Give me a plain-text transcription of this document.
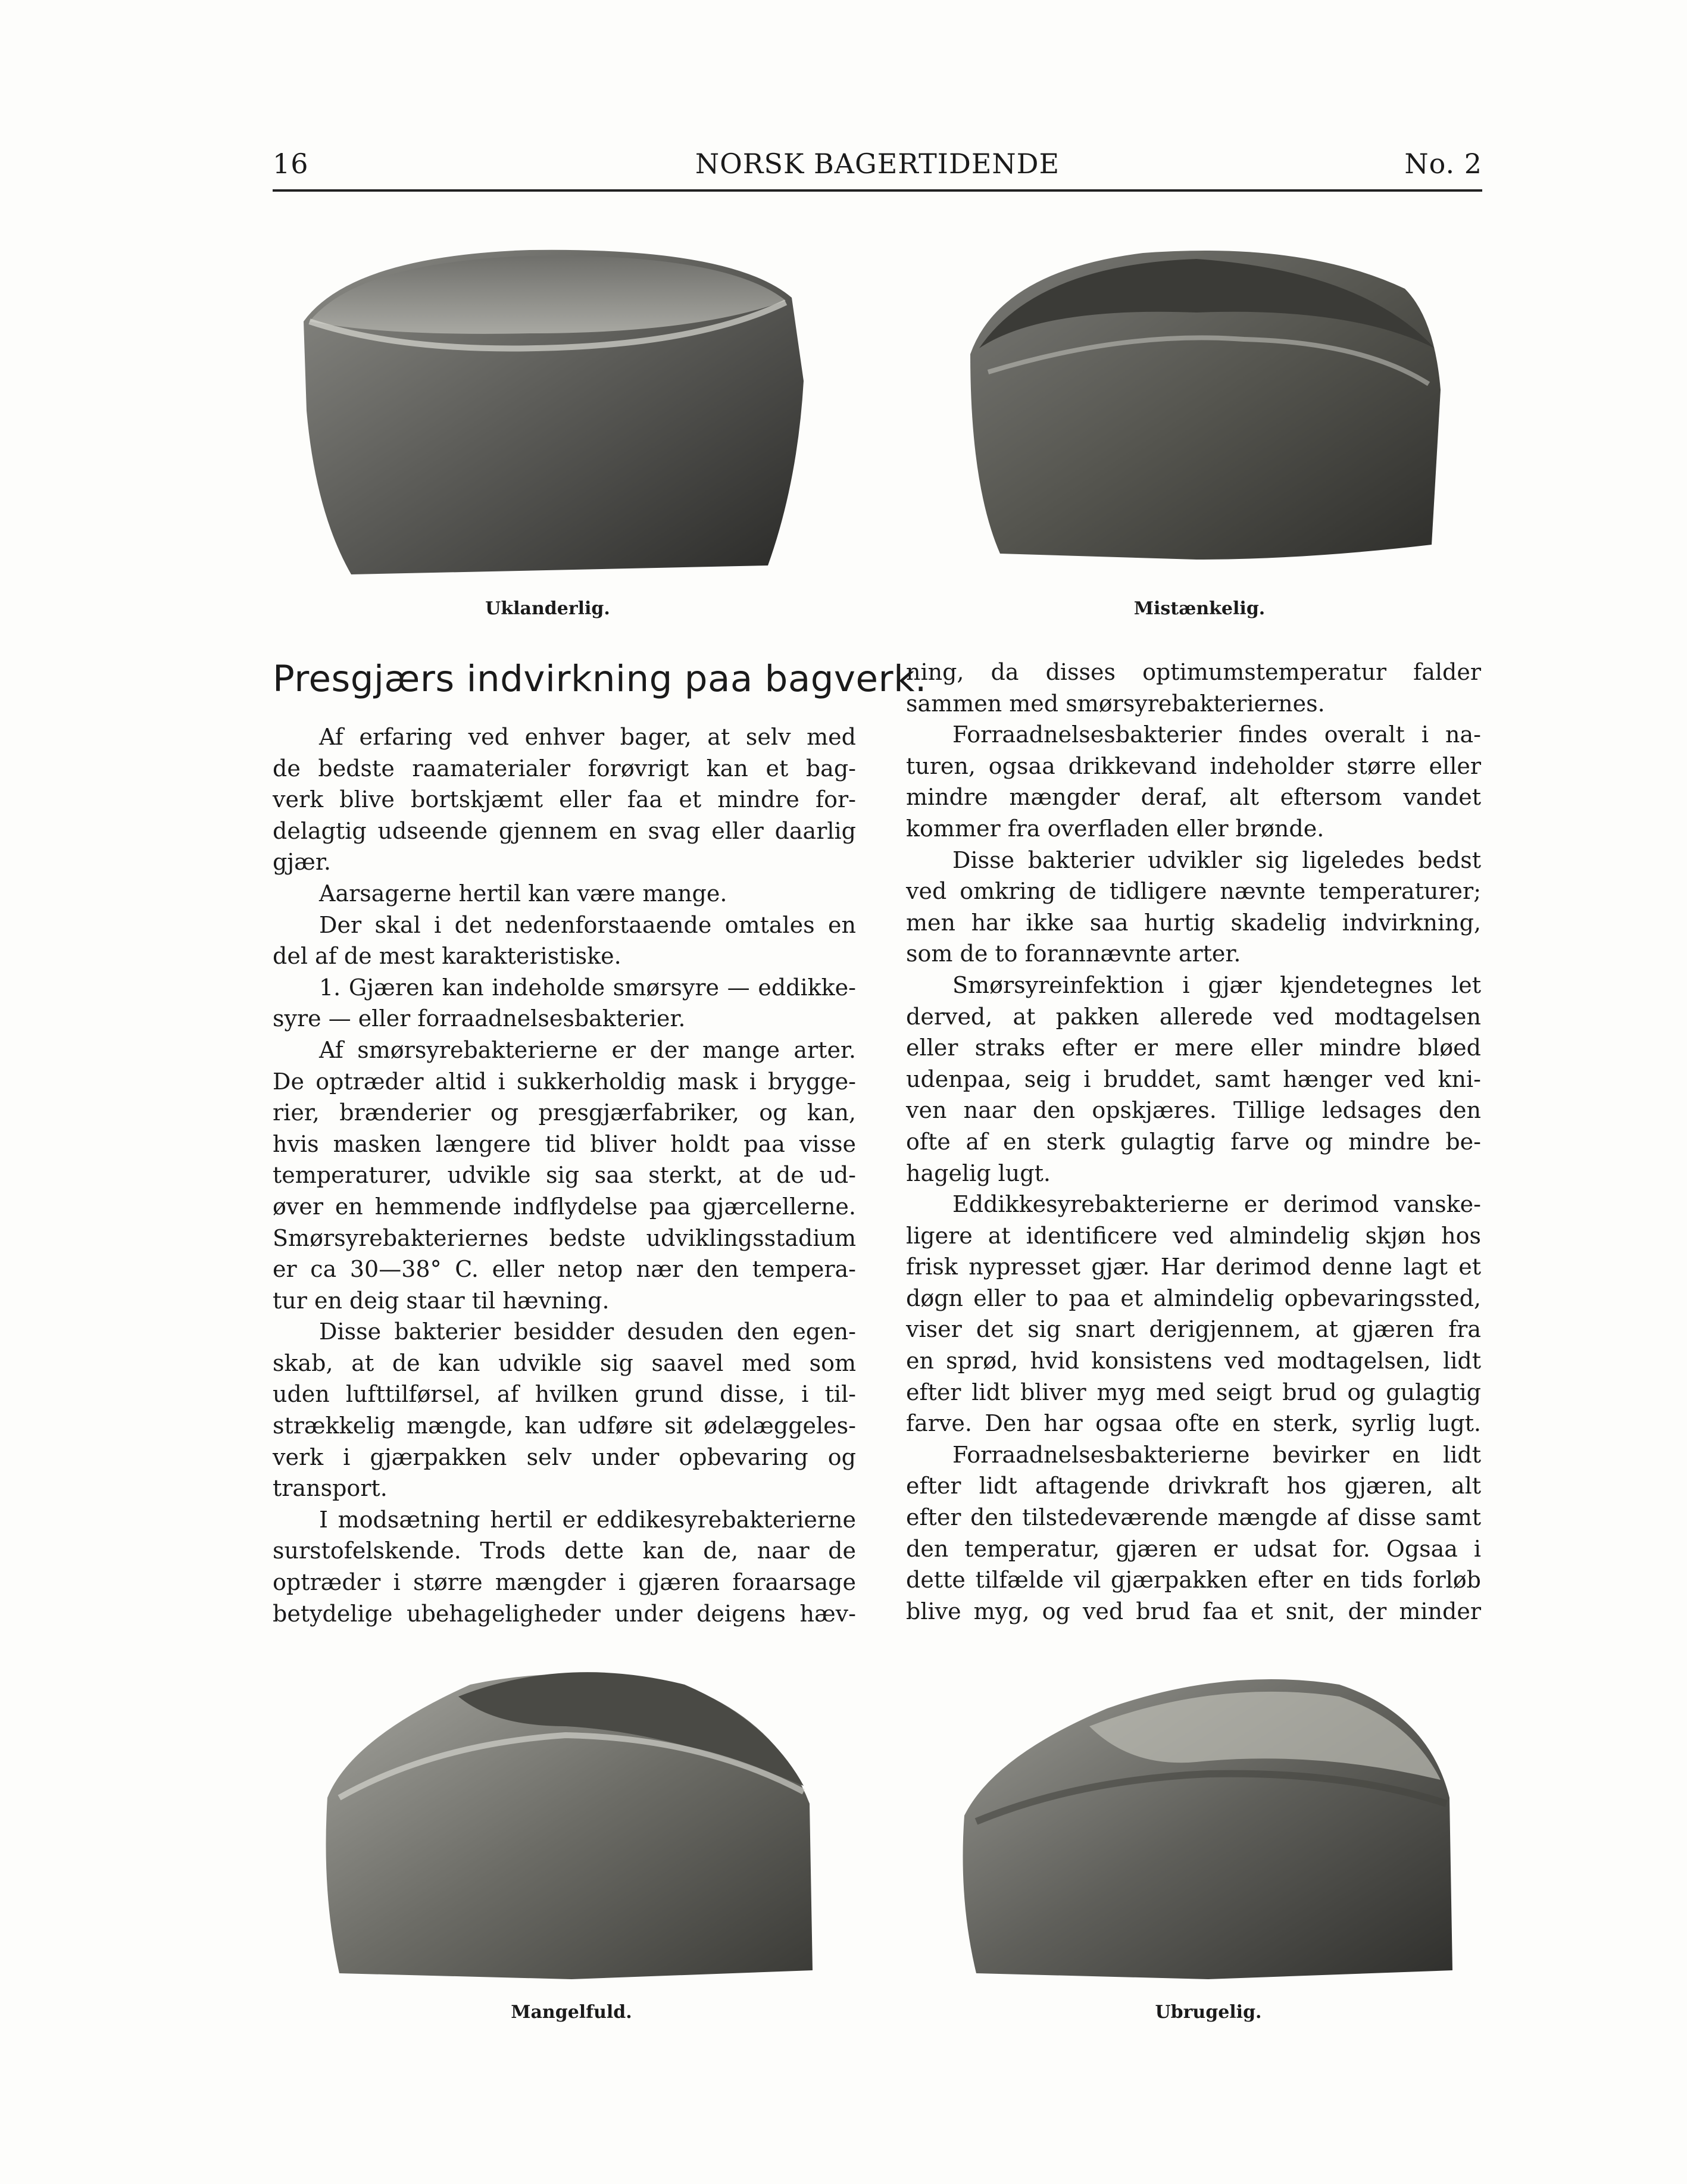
16	NORSK BAGERTIDENDE	No. 2
Uklanderlig.	Mistænkelig.
Presgjærs indvirkning paa bagverk.

Af erfaring ved enhver bager, at selv med

de bedste raamaterialer forøvrigt kan et bag-

verk blive bortskjæmt eller faa et mindre for-

delagtig udseende gjennem en svag eller daarlig

gjær.

Aarsagerne hertil kan være mange.

Der skal i det nedenforstaaende omtales en

del af de mest karakteristiske.

1. Gjæren kan indeholde smørsyre — eddikke-

syre — eller forraadnelsesbakterier.

Af smørsyrebakterierne er der mange arter.

De optræder altid i sukkerholdig mask i brygge-

rier, brænderier og presgjærfabriker, og kan,

hvis masken længere tid bliver holdt paa visse

temperaturer, udvikle sig saa sterkt, at de ud-

øver en hemmende indflydelse paa gjærcellerne.

Smørsyrebakteriernes bedste udviklingsstadium

er ca 30—38° C. eller netop nær den tempera-

tur en deig staar til hævning.

Disse bakterier besidder desuden den egen-

skab, at de kan udvikle sig saavel med som

uden lufttilførsel, af hvilken grund disse, i til-

strækkelig mængde, kan udføre sit ødelæggeles-

verk i gjærpakken selv under opbevaring og

transport.

I modsætning hertil er eddikesyrebakterierne

surstofelskende. Trods dette kan de, naar de

optræder i større mængder i gjæren foraarsage

betydelige ubehageligheder under deigens hæv-

ning, da disses optimumstemperatur falder

sammen med smørsyrebakteriernes.

Forraadnelsesbakterier findes overalt i na-

turen, ogsaa drikkevand indeholder større eller

mindre mængder deraf, alt eftersom vandet

kommer fra overfladen eller brønde.

Disse bakterier udvikler sig ligeledes bedst

ved omkring de tidligere nævnte temperaturer;

men har ikke saa hurtig skadelig indvirkning,

som de to forannævnte arter.

Smørsyreinfektion i gjær kjendetegnes let

derved, at pakken allerede ved modtagelsen

eller straks efter er mere eller mindre bløed

udenpaa, seig i bruddet, samt hænger ved kni-

ven naar den opskjæres. Tillige ledsages den

ofte af en sterk gulagtig farve og mindre be-

hagelig lugt.

Eddikkesyrebakterierne er derimod vanske-

ligere at identificere ved almindelig skjøn hos

frisk nypresset gjær. Har derimod denne lagt et

døgn eller to paa et almindelig opbevaringssted,

viser det sig snart derigjennem, at gjæren fra

en sprød, hvid konsistens ved modtagelsen, lidt

efter lidt bliver myg med seigt brud og gulagtig

farve. Den har ogsaa ofte en sterk, syrlig lugt.

Forraadnelsesbakterierne bevirker en lidt

efter lidt aftagende drivkraft hos gjæren, alt

efter den tilstedeværende mængde af disse samt

den temperatur, gjæren er udsat for. Ogsaa i

dette tilfælde vil gjærpakken efter en tids forløb

blive myg, og ved brud faa et snit, der minder

Mangelfuld.	Ubrugelig.
